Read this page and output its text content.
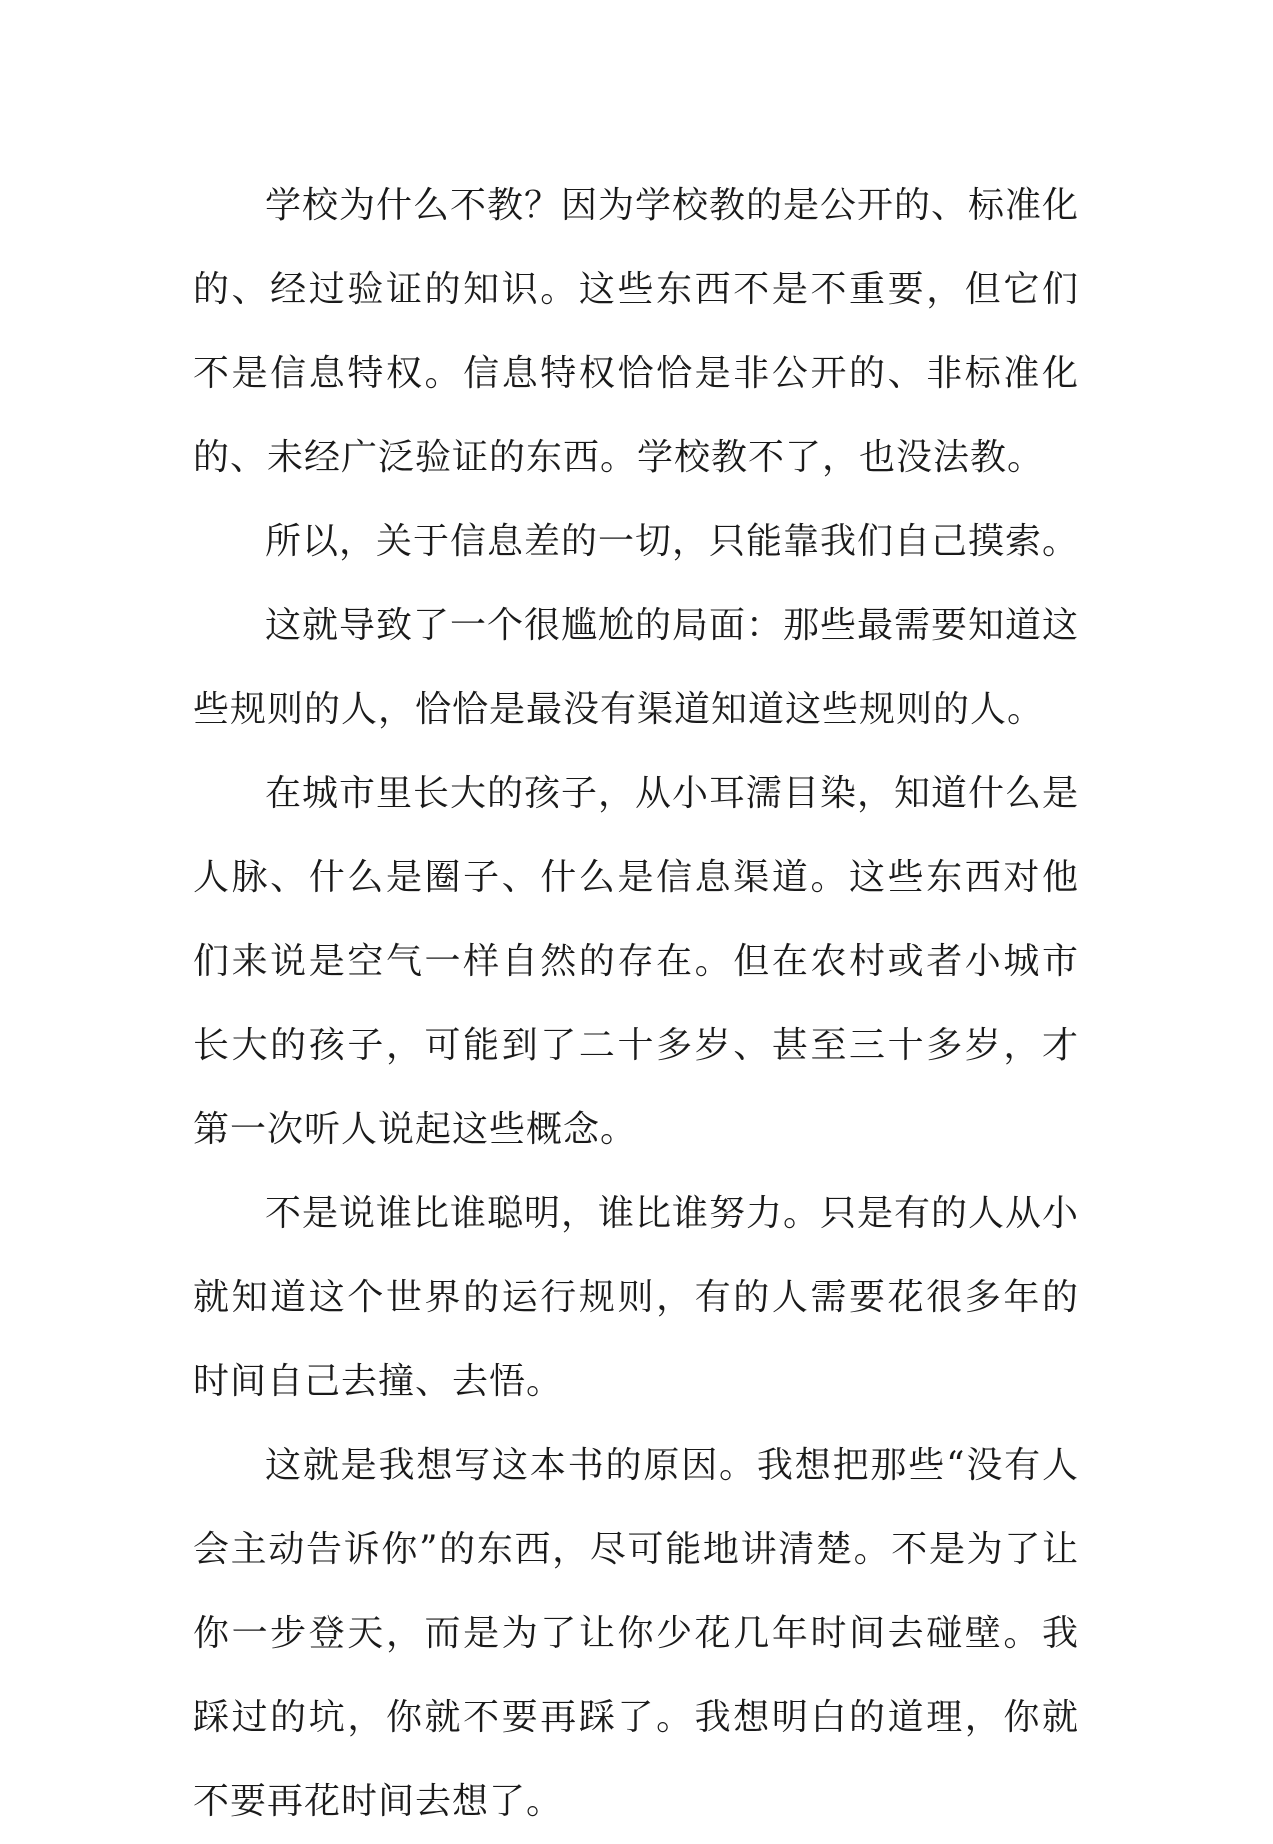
学校为什么不教？因为学校教的是公开的、标准化的、经过验证的知识。这些东西不是不重要，但它们不是信息特权。信息特权恰恰是非公开的、非标准化的、未经广泛验证的东西。学校教不了，也没法教。

所以，关于信息差的一切，只能靠我们自己摸索。

这就导致了一个很尴尬的局面：那些最需要知道这些规则的人，恰恰是最没有渠道知道这些规则的人。

在城市里长大的孩子，从小耳濡目染，知道什么是人脉、什么是圈子、什么是信息渠道。这些东西对他们来说是空气一样自然的存在。但在农村或者小城市长大的孩子，可能到了二十多岁、甚至三十多岁，才第一次听人说起这些概念。

不是说谁比谁聪明，谁比谁努力。只是有的人从小就知道这个世界的运行规则，有的人需要花很多年的时间自己去撞、去悟。

这就是我想写这本书的原因。我想把那些“没有人会主动告诉你”的东西，尽可能地讲清楚。不是为了让你一步登天，而是为了让你少花几年时间去碰壁。我踩过的坑，你就不要再踩了。我想明白的道理，你就不要再花时间去想了。
